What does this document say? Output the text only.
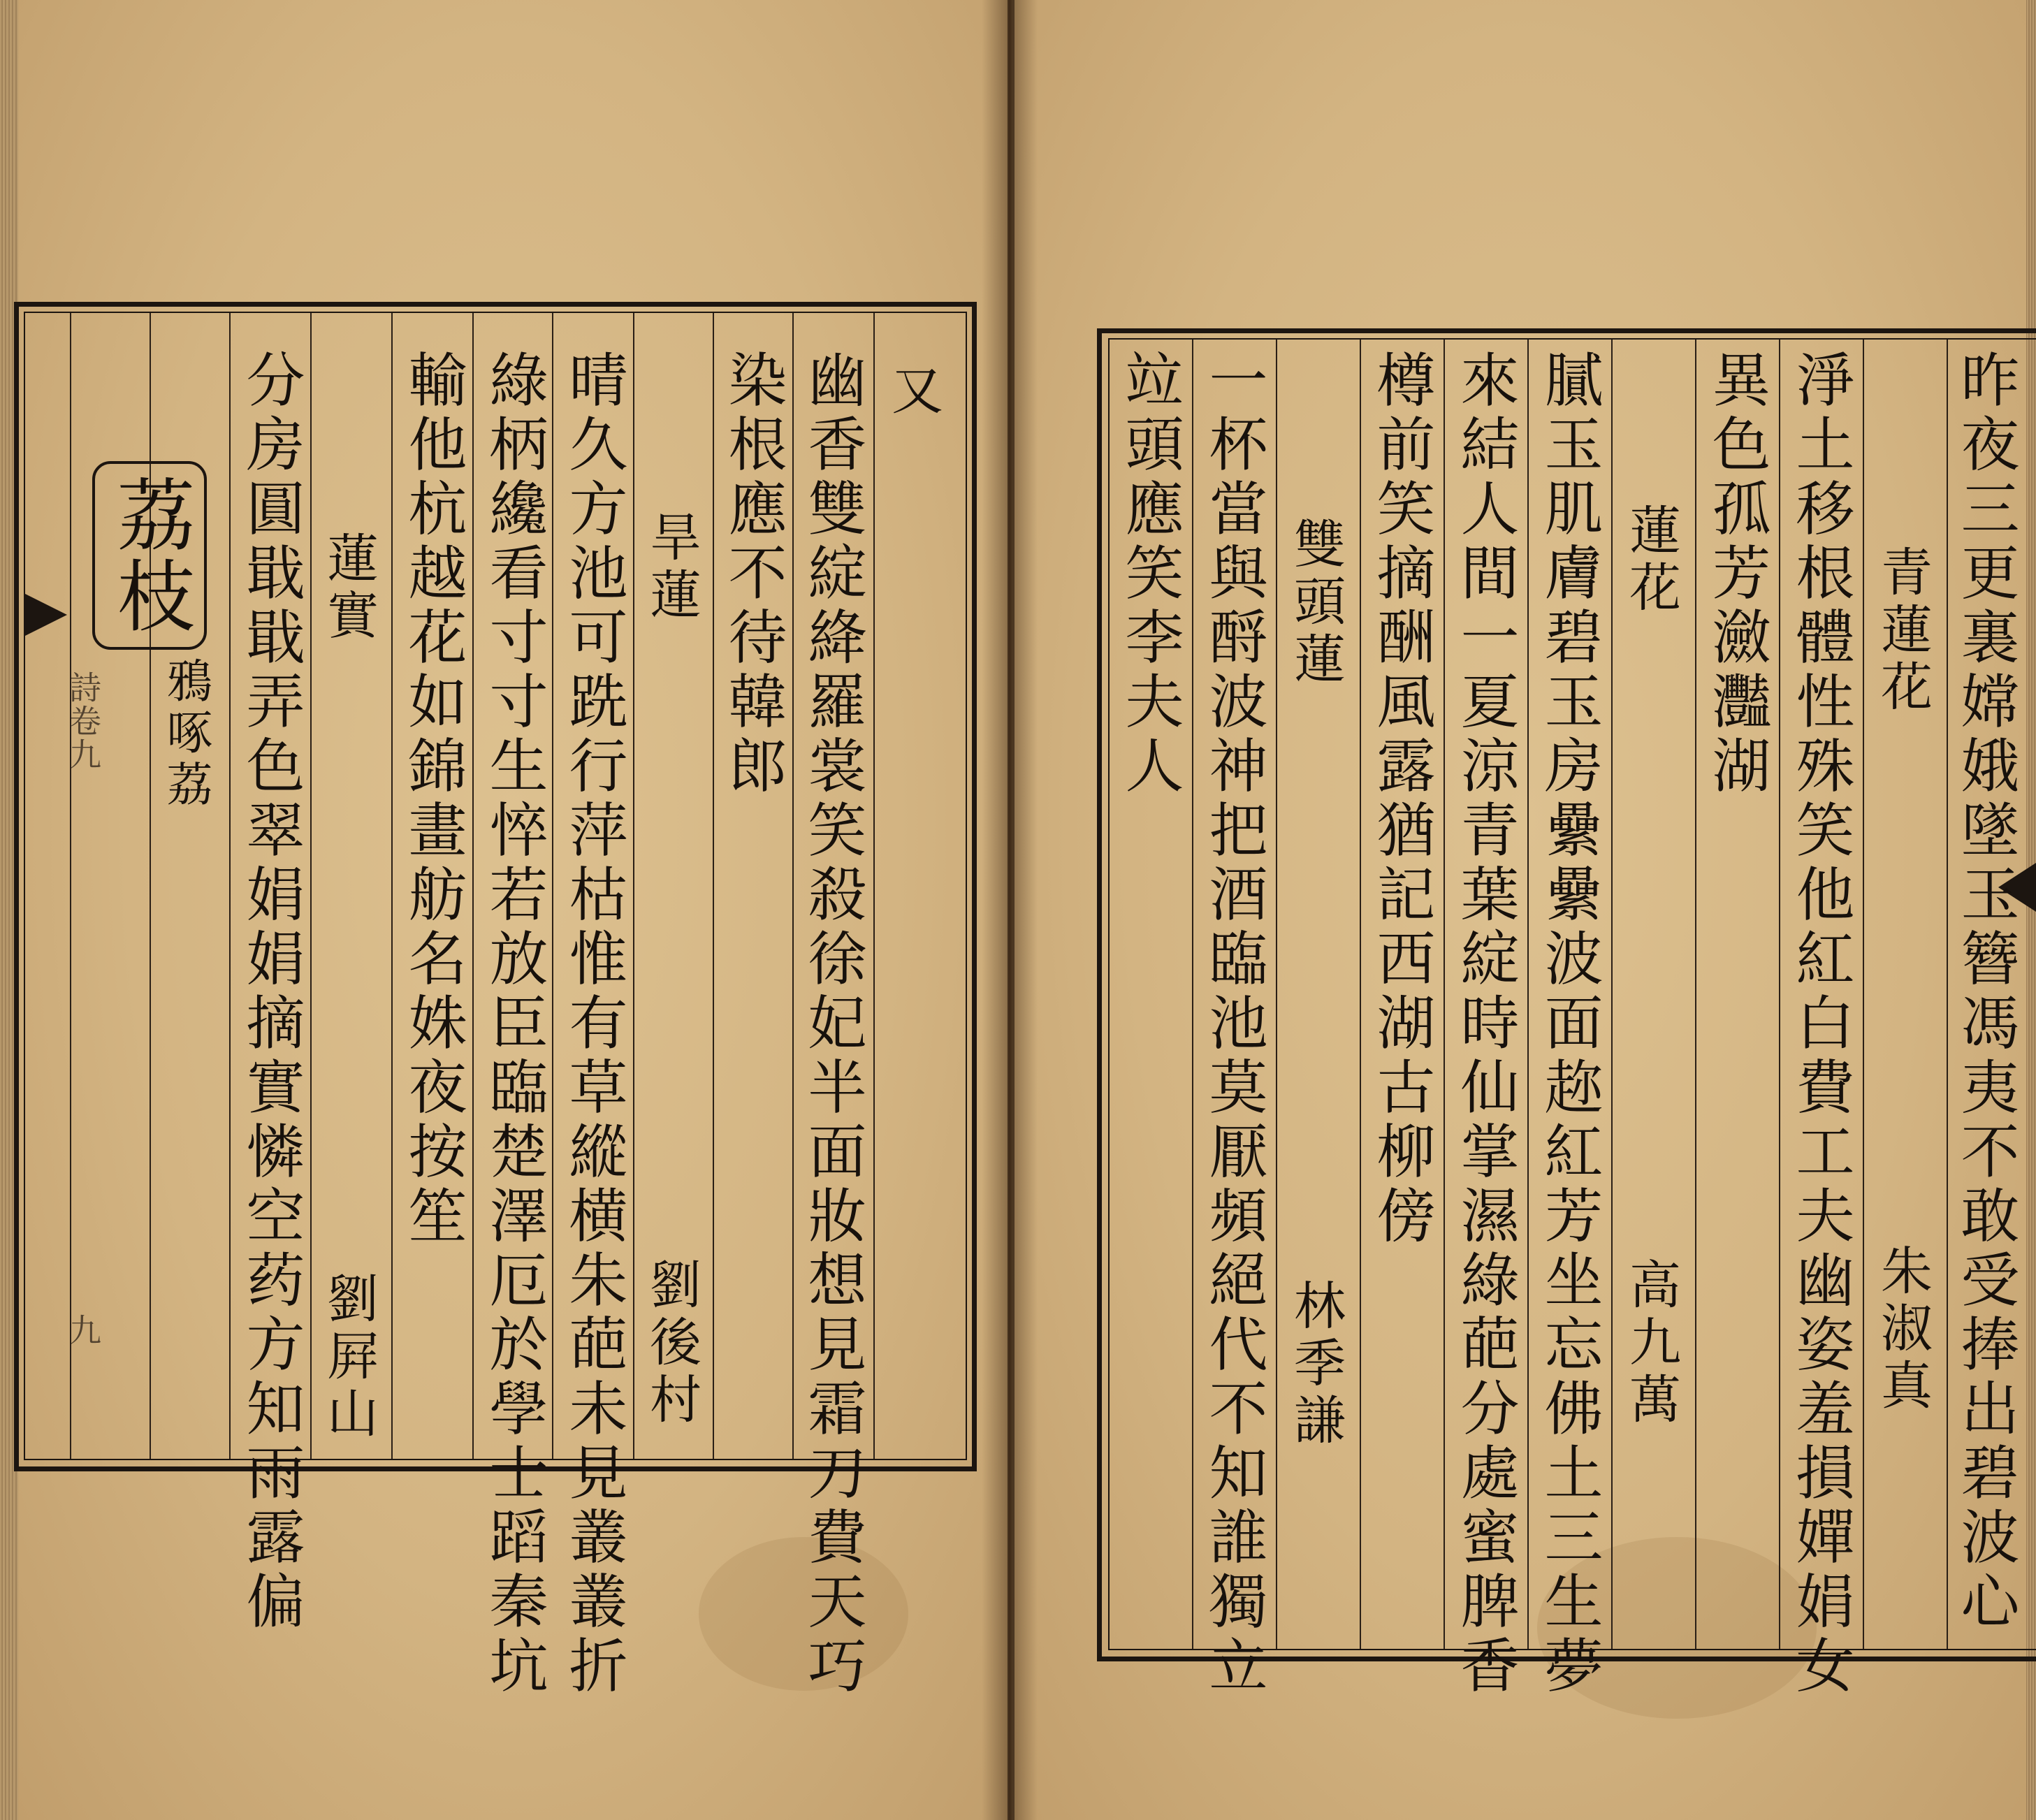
荔枝

又

幽香雙綻絳羅裳笑殺徐妃半面妝想見霜刀費天巧

染根應不待韓郎

旱蓮

劉後村

晴久方池可跣行萍枯惟有草縱横朱葩未見叢叢折

綠柄纔看寸寸生悴若放臣臨楚澤厄於學士蹈秦坑

輸他杭越花如錦畫舫名姝夜按笙

蓮實

劉屛山

分房圓戢戢弄色翠娟娟摘實憐空药方知雨露偏

鴉啄荔

詩卷九

九	昨夜三更裏嫦娥墜玉簪馮夷不敢受捧出碧波心

青蓮花

朱淑真

淨土移根體性殊笑他紅白費工夫幽姿羞損嬋娟女

異色孤芳瀲灩湖

蓮花

高九萬

膩玉肌膚碧玉房纍纍波面趂紅芳坐忘佛土三生夢

來結人間一夏涼青葉綻時仙掌濕綠葩分處蜜脾香

樽前笑摘酬風露猶記西湖古柳傍

雙頭蓮

林季謙

一杯當與酹波神把酒臨池莫厭頻絕代不知誰獨立

竝頭應笑李夫人
